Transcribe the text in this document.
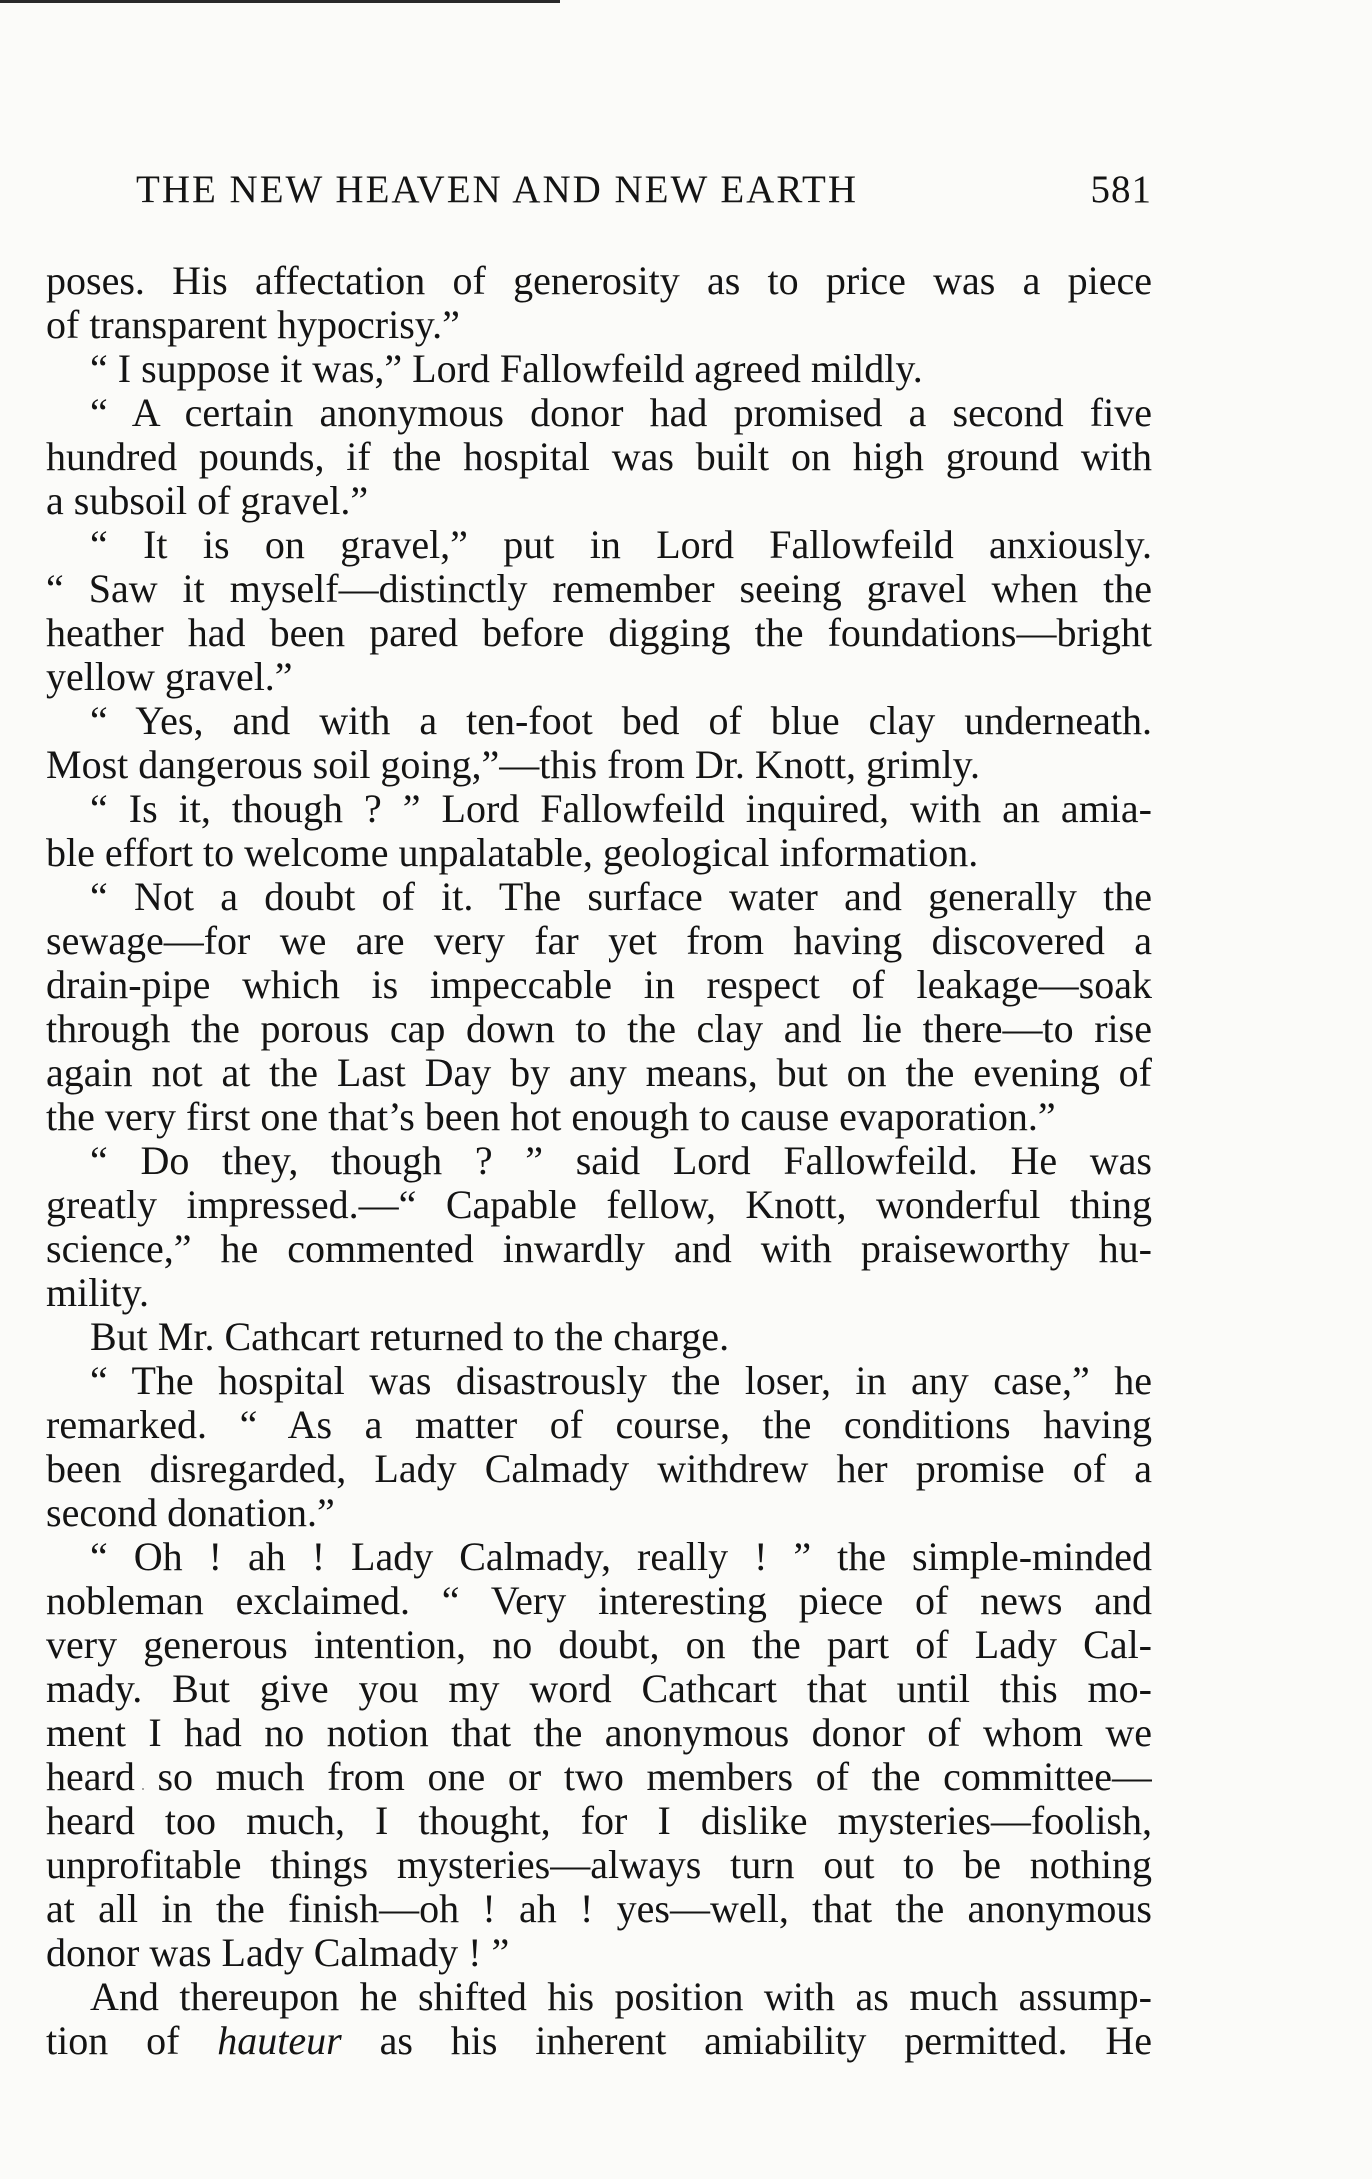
THE NEW HEAVEN AND NEW EARTH	581
poses. His affectation of generosity as to price was a piece
of transparent hypocrisy.”
“ I suppose it was,” Lord Fallowfeild agreed mildly.
“ A certain anonymous donor had promised a second five
hundred pounds, if the hospital was built on high ground with
a subsoil of gravel.”
“ It is on gravel,” put in Lord Fallowfeild anxiously.
“ Saw it myself—distinctly remember seeing gravel when the
heather had been pared before digging the foundations—bright
yellow gravel.”
“ Yes, and with a ten-foot bed of blue clay underneath.
Most dangerous soil going,”—this from Dr. Knott, grimly.
“ Is it, though ? ” Lord Fallowfeild inquired, with an amia-
ble effort to welcome unpalatable, geological information.
“ Not a doubt of it. The surface water and generally the
sewage—for we are very far yet from having discovered a
drain-pipe which is impeccable in respect of leakage—soak
through the porous cap down to the clay and lie there—to rise
again not at the Last Day by any means, but on the evening of
the very first one that’s been hot enough to cause evaporation.”
“ Do they, though ? ” said Lord Fallowfeild. He was
greatly impressed.—“ Capable fellow, Knott, wonderful thing
science,” he commented inwardly and with praiseworthy hu-
mility.
But Mr. Cathcart returned to the charge.
“ The hospital was disastrously the loser, in any case,” he
remarked. “ As a matter of course, the conditions having
been disregarded, Lady Calmady withdrew her promise of a
second donation.”
“ Oh ! ah ! Lady Calmady, really ! ” the simple-minded
nobleman exclaimed. “ Very interesting piece of news and
very generous intention, no doubt, on the part of Lady Cal-
mady. But give you my word Cathcart that until this mo-
ment I had no notion that the anonymous donor of whom we
heard so much from one or two members of the committee—
heard too much, I thought, for I dislike mysteries—foolish,
unprofitable things mysteries—always turn out to be nothing
at all in the finish—oh ! ah ! yes—well, that the anonymous
donor was Lady Calmady ! ”
And thereupon he shifted his position with as much assump-
tion of hauteur as his inherent amiability permitted. He
